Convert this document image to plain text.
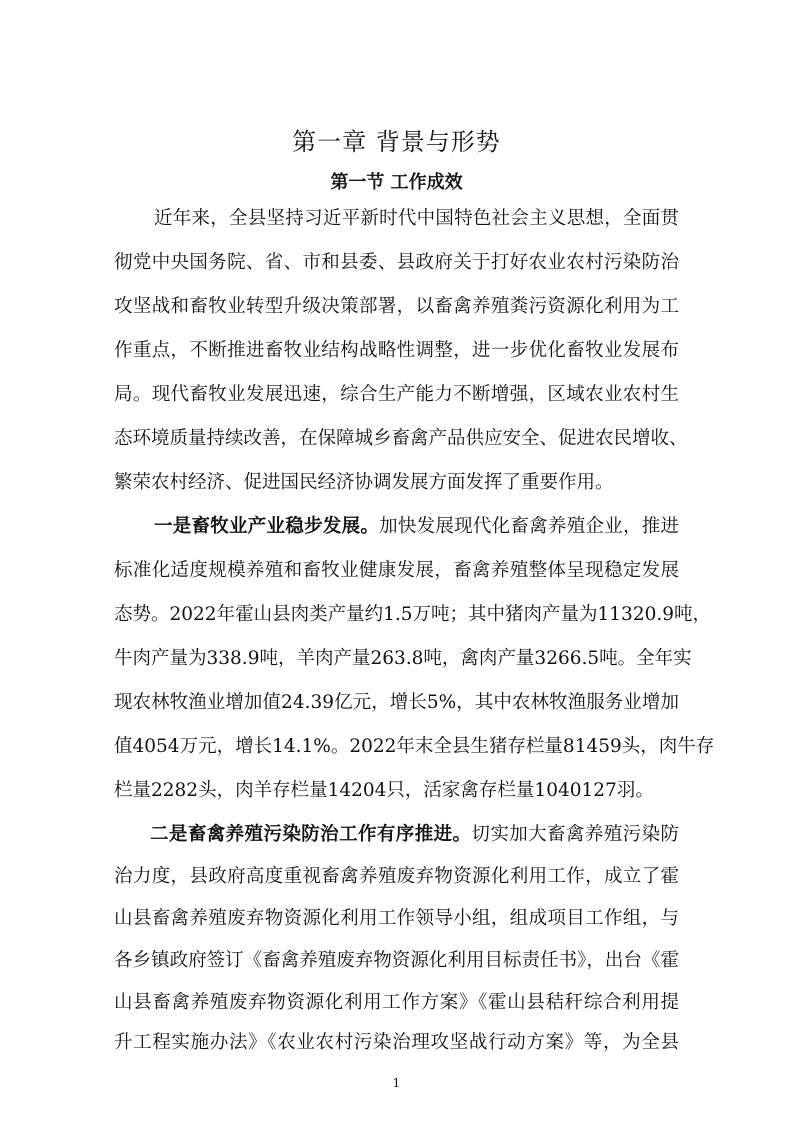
第一章 背景与形势
第一节 工作成效
近年来，全县坚持习近平新时代中国特色社会主义思想，全面贯
彻党中央国务院、省、市和县委、县政府关于打好农业农村污染防治
攻坚战和畜牧业转型升级决策部署，以畜禽养殖粪污资源化利用为工
作重点，不断推进畜牧业结构战略性调整，进一步优化畜牧业发展布
局。现代畜牧业发展迅速，综合生产能力不断增强，区域农业农村生
态环境质量持续改善，在保障城乡畜禽产品供应安全、促进农民增收、
繁荣农村经济、促进国民经济协调发展方面发挥了重要作用。
一是畜牧业产业稳步发展。加快发展现代化畜禽养殖企业，推进
标准化适度规模养殖和畜牧业健康发展，畜禽养殖整体呈现稳定发展
态势。2022年霍山县肉类产量约1.5万吨；其中猪肉产量为11320.9吨，
牛肉产量为338.9吨，羊肉产量263.8吨，禽肉产量3266.5吨。全年实
现农林牧渔业增加值24.39亿元，增长5%，其中农林牧渔服务业增加
值4054万元，增长14.1%。2022年末全县生猪存栏量81459头，肉牛存
栏量2282头，肉羊存栏量14204只，活家禽存栏量1040127羽。
二是畜禽养殖污染防治工作有序推进。切实加大畜禽养殖污染防
治力度，县政府高度重视畜禽养殖废弃物资源化利用工作，成立了霍
山县畜禽养殖废弃物资源化利用工作领导小组，组成项目工作组，与
各乡镇政府签订《畜禽养殖废弃物资源化利用目标责任书》，出台《霍
山县畜禽养殖废弃物资源化利用工作方案》《霍山县秸秆综合利用提
1
升工程实施办法》《农业农村污染治理攻坚战行动方案》等，为全县
